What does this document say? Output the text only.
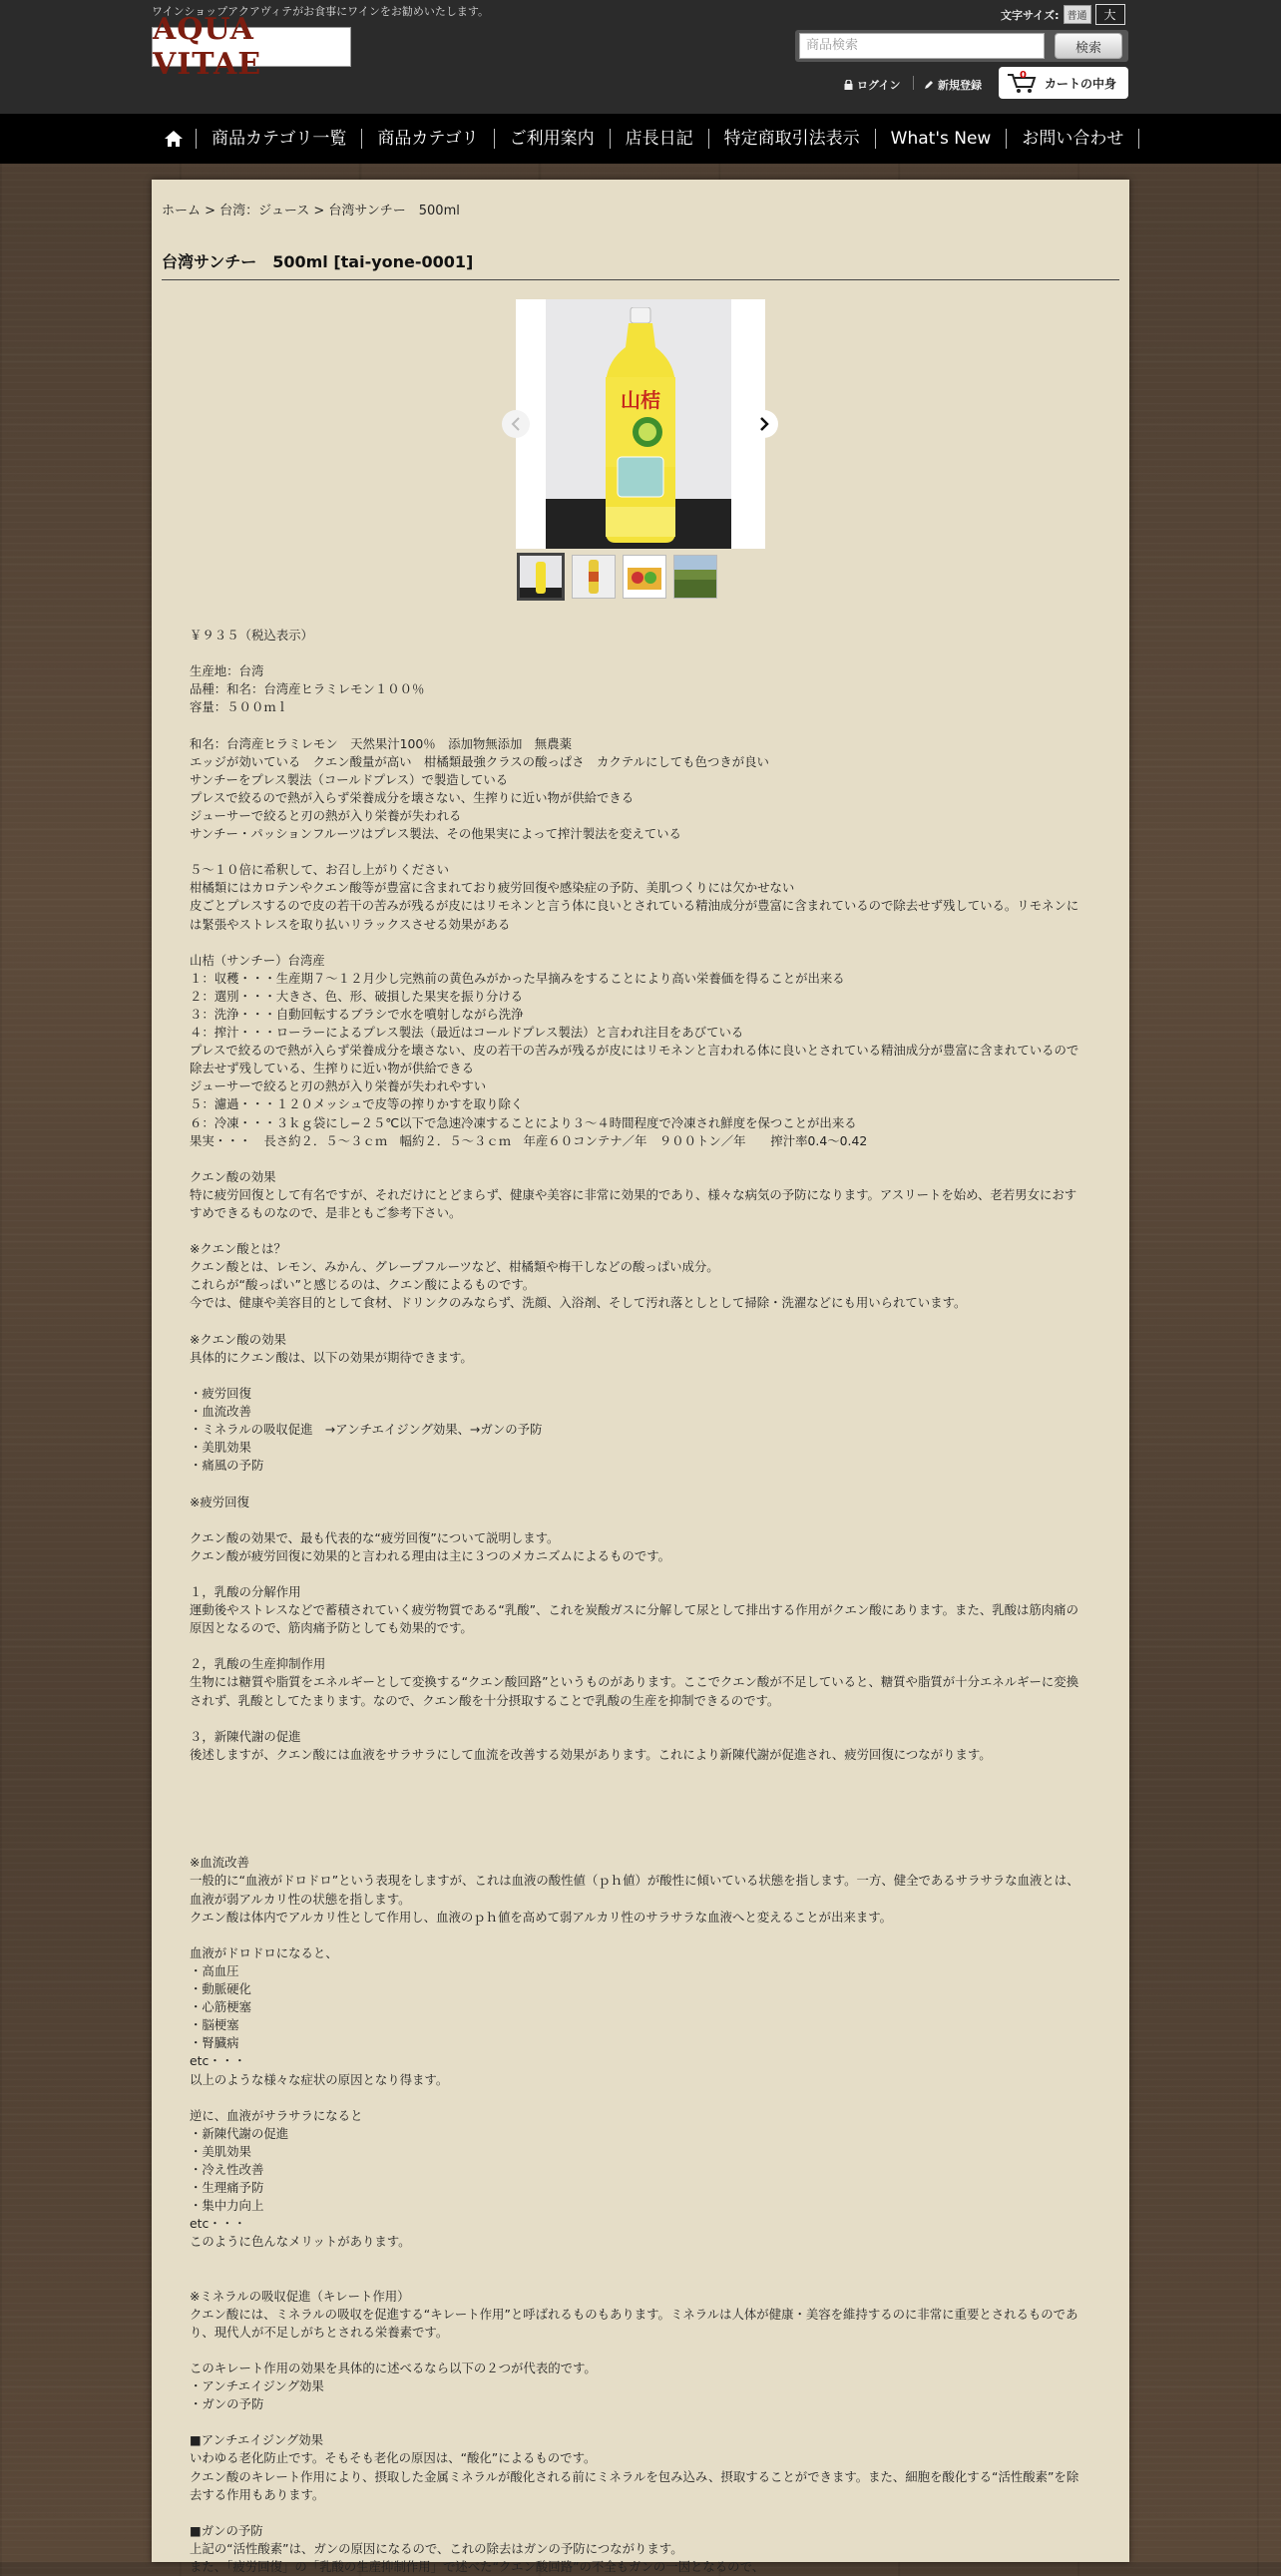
ワインショップアクアヴィテがお食事にワインをお勧めいたします。
AQUA VITAE
文字サイズ: 普通	大
商品検索	検索
ログイン	新規登録
0
カートの中身
商品カテゴリ一覧	商品カテゴリ	ご利用案内	店長日記	特定商取引法表示	What's New	お問い合わせ
ホーム > 台湾：ジュース > 台湾サンチー　500ml
台湾サンチー　500ml [tai-yone-0001]
山桔
￥９３５（税込表示）

生産地：台湾
品種：和名：台湾産ヒラミレモン１００％
容量：５００ｍｌ

和名：台湾産ヒラミレモン　天然果汁100％　添加物無添加　無農薬
エッジが効いている　クエン酸量が高い　柑橘類最強クラスの酸っぱさ　カクテルにしても色つきが良い
サンチーをプレス製法（コールドプレス）で製造している
プレスで絞るので熱が入らず栄養成分を壊さない、生搾りに近い物が供給できる
ジューサーで絞ると刃の熱が入り栄養が失われる
サンチー・パッションフルーツはプレス製法、その他果実によって搾汁製法を変えている

５〜１０倍に希釈して、お召し上がりください
柑橘類にはカロテンやクエン酸等が豊富に含まれており疲労回復や感染症の予防、美肌つくりには欠かせない
皮ごとプレスするので皮の若干の苦みが残るが皮にはリモネンと言う体に良いとされている精油成分が豊富に含まれているので除去せず残している。リモネンには緊張やストレスを取り払いリラックスさせる効果がある

山桔（サンチー）台湾産
１：収穫・・・生産期７〜１２月少し完熟前の黄色みがかった早摘みをすることにより高い栄養価を得ることが出来る
２：選別・・・大きさ、色、形、破損した果実を振り分ける
３：洗浄・・・自動回転するブラシで水を噴射しながら洗浄
４：搾汁・・・ローラーによるプレス製法（最近はコールドプレス製法）と言われ注目をあびている
プレスで絞るので熱が入らず栄養成分を壊さない、皮の若干の苦みが残るが皮にはリモネンと言われる体に良いとされている精油成分が豊富に含まれているので除去せず残している、生搾りに近い物が供給できる
ジューサーで絞ると刃の熱が入り栄養が失われやすい
５：濾過・・・１２０メッシュで皮等の搾りかすを取り除く
６：冷凍・・・３ｋｇ袋にし−２５℃以下で急速冷凍することにより３〜４時間程度で冷凍され鮮度を保つことが出来る
果実・・・　長さ約２．５〜３ｃｍ　幅約２．５〜３ｃｍ　年産６０コンテナ／年　９００トン／年　　搾汁率0.4〜0.42

クエン酸の効果
特に疲労回復として有名ですが、それだけにとどまらず、健康や美容に非常に効果的であり、様々な病気の予防になります。アスリートを始め、老若男女におすすめできるものなので、是非ともご参考下さい。

※クエン酸とは？
クエン酸とは、レモン、みかん、グレープフルーツなど、柑橘類や梅干しなどの酸っぱい成分。
これらが“酸っぱい”と感じるのは、クエン酸によるものです。
今では、健康や美容目的として食材、ドリンクのみならず、洗顔、入浴剤、そして汚れ落としとして掃除・洗濯などにも用いられています。

※クエン酸の効果
具体的にクエン酸は、以下の効果が期待できます。

・疲労回復
・血流改善
・ミネラルの吸収促進　→アンチエイジング効果、→ガンの予防
・美肌効果
・痛風の予防

※疲労回復

クエン酸の効果で、最も代表的な“疲労回復”について説明します。
クエン酸が疲労回復に効果的と言われる理由は主に３つのメカニズムによるものです。

１，乳酸の分解作用
運動後やストレスなどで蓄積されていく疲労物質である“乳酸”、これを炭酸ガスに分解して尿として排出する作用がクエン酸にあります。また、乳酸は筋肉痛の原因となるので、筋肉痛予防としても効果的です。

２，乳酸の生産抑制作用
生物には糖質や脂質をエネルギーとして変換する“クエン酸回路”というものがあります。ここでクエン酸が不足していると、糖質や脂質が十分エネルギーに変換されず、乳酸としてたまります。なので、クエン酸を十分摂取することで乳酸の生産を抑制できるのです。

３，新陳代謝の促進
後述しますが、クエン酸には血液をサラサラにして血流を改善する効果があります。これにより新陳代謝が促進され、疲労回復につながります。

※血流改善
一般的に“血液がドロドロ”という表現をしますが、これは血液の酸性値（ｐｈ値）が酸性に傾いている状態を指します。一方、健全であるサラサラな血液とは、血液が弱アルカリ性の状態を指します。
クエン酸は体内でアルカリ性として作用し、血液のｐｈ値を高めて弱アルカリ性のサラサラな血液へと変えることが出来ます。

血液がドロドロになると、
・高血圧
・動脈硬化
・心筋梗塞
・脳梗塞
・腎臓病
etc・・・
以上のような様々な症状の原因となり得ます。

逆に、血液がサラサラになると
・新陳代謝の促進
・美肌効果
・冷え性改善
・生理痛予防
・集中力向上
etc・・・
このように色んなメリットがあります。

※ミネラルの吸収促進（キレート作用）
クエン酸には、ミネラルの吸収を促進する“キレート作用”と呼ばれるものもあります。ミネラルは人体が健康・美容を維持するのに非常に重要とされるものであり、現代人が不足しがちとされる栄養素です。

このキレート作用の効果を具体的に述べるなら以下の２つが代表的です。
・アンチエイジング効果
・ガンの予防

■アンチエイジング効果
いわゆる老化防止です。そもそも老化の原因は、“酸化”によるものです。
クエン酸のキレート作用により、摂取した金属ミネラルが酸化される前にミネラルを包み込み、摂取することができます。また、細胞を酸化する“活性酸素”を除去する作用もあります。

■ガンの予防
上記の“活性酸素”は、ガンの原因になるので、これの除去はガンの予防につながります。
また、「疲労回復」の「乳酸の生産抑制作用」で述べた“クエン酸回路”の不全もガンの一因となるので、
